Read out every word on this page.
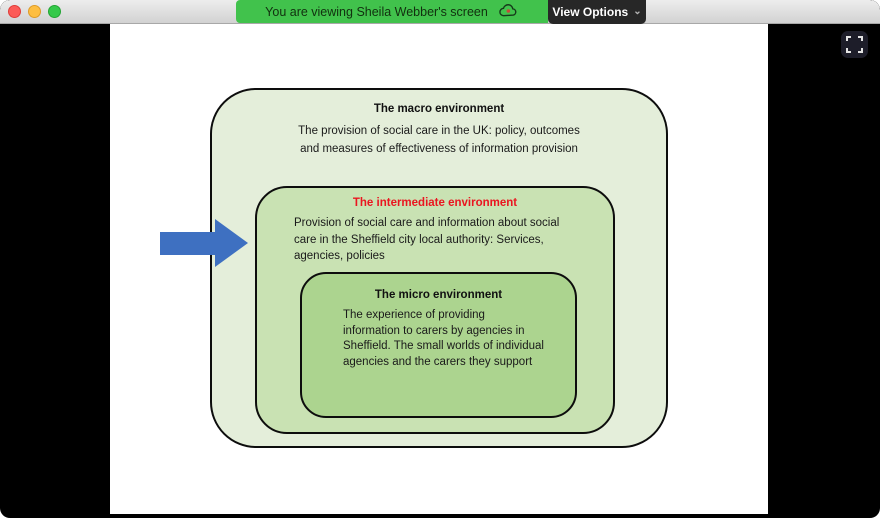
You are viewing Sheila Webber's screen	View Options ⌄
The macro environment
The provision of social care in the UK: policy, outcomes
and measures of effectiveness of information provision
The intermediate environment
Provision of social care and information about social
care in the Sheffield city local authority: Services,
agencies, policies
The micro environment
The experience of providing
information to carers by agencies in
Sheffield. The small worlds of individual
agencies and the carers they support
